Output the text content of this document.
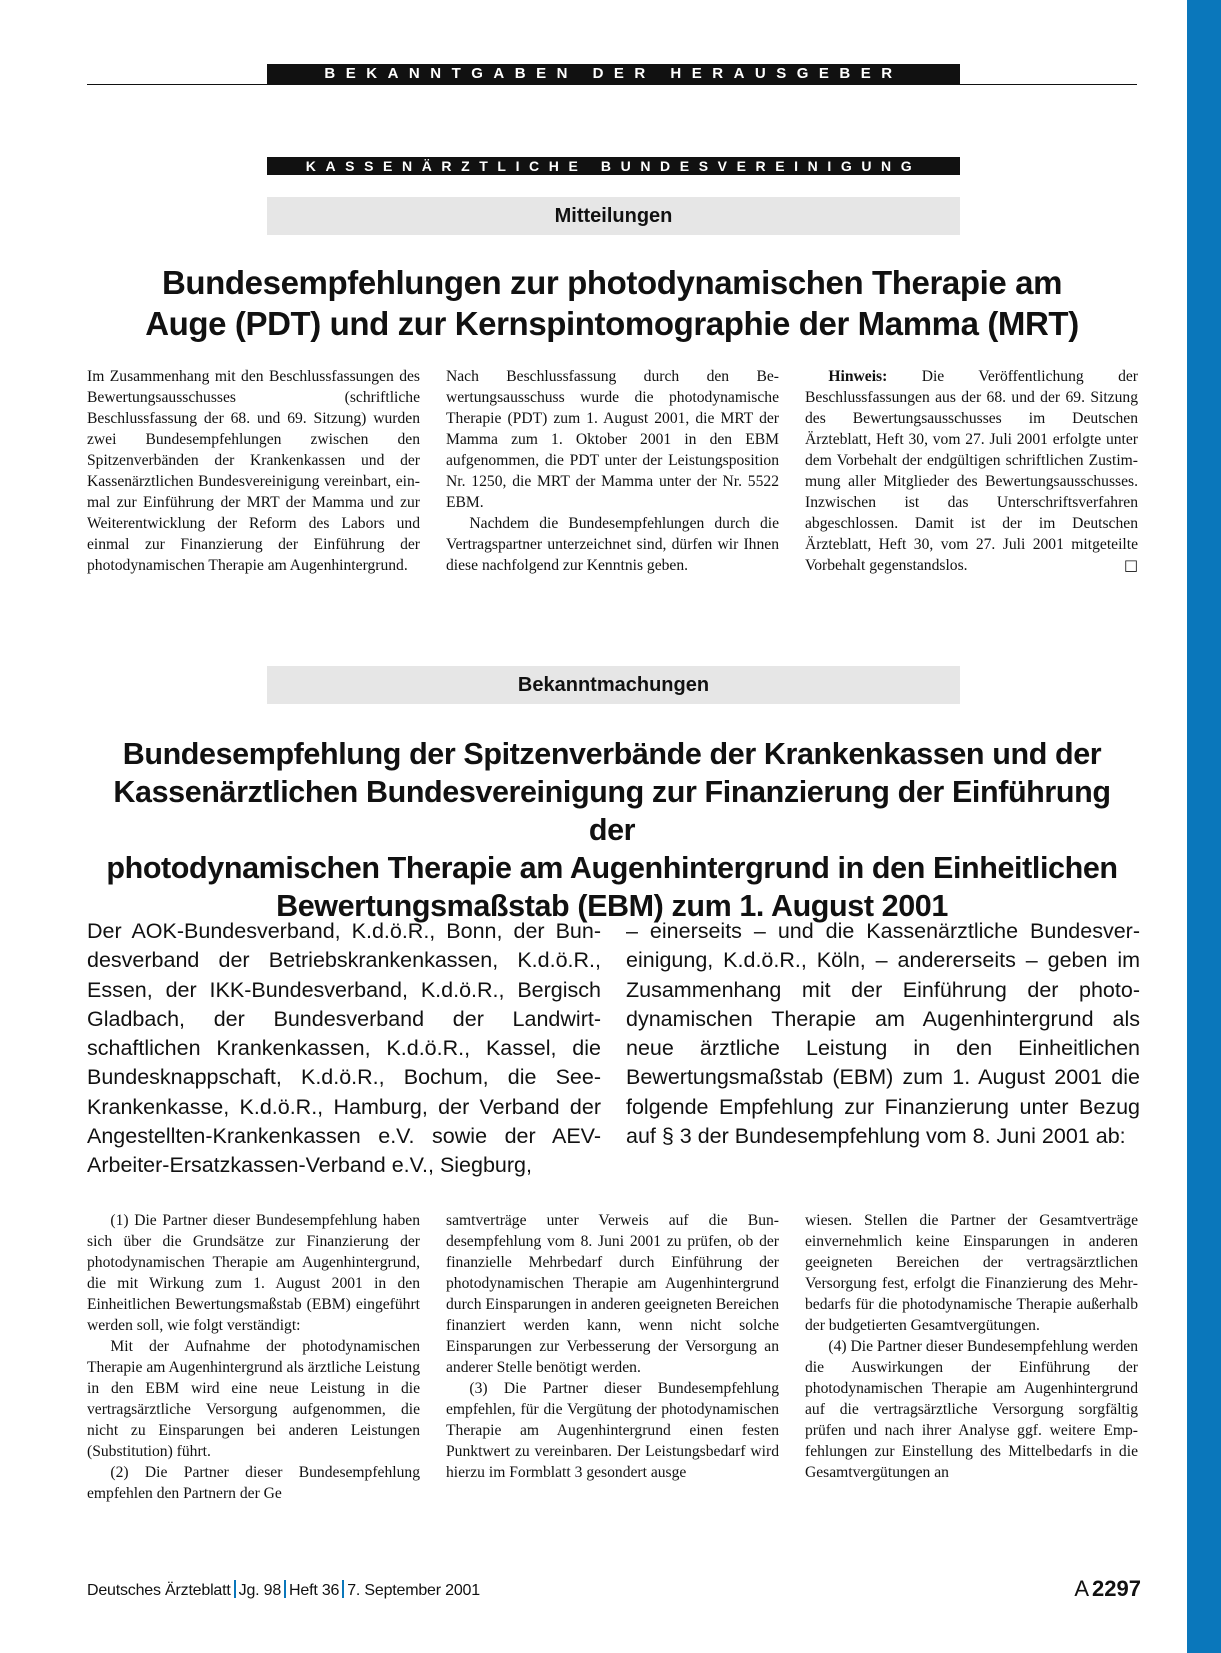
BEKANNTGABEN DER HERAUSGEBER
KASSENÄRZTLICHE BUNDESVEREINIGUNG
Mitteilungen
Bundesempfehlungen zur photodynamischen Therapie am
Auge (PDT) und zur Kernspintomographie der Mamma (MRT)

Im Zusammenhang mit den Beschlussfassungen des Bewertungsausschusses (schriftliche Beschlussfassung der 68. und 69. Sitzung) wurden zwei Bundesempfehlungen zwischen den Spitzenverbänden der Krankenkassen und der Kassenärztlichen Bundesvereinigung vereinbart, einmal zur Einführung der MRT der Mamma und zur Weiterentwicklung der Reform des Labors und einmal zur Finanzierung der Einführung der photodynamischen Therapie am Augenhintergrund.

Nach Beschlussfassung durch den Bewertungsausschuss wurde die photodynamische Therapie (PDT) zum 1. August 2001, die MRT der Mamma zum 1. Oktober 2001 in den EBM aufgenommen, die PDT unter der Leistungsposition Nr. 1250, die MRT der Mamma unter der Nr. 5522 EBM.

Nachdem die Bundesempfehlungen durch die Vertragspartner unterzeichnet sind, dürfen wir Ihnen diese nachfolgend zur Kenntnis geben.

Hinweis: Die Veröffentlichung der Beschlussfassungen aus der 68. und der 69. Sitzung des Bewertungsausschusses im Deutschen Ärzteblatt, Heft 30, vom 27. Juli 2001 erfolgte unter dem Vorbehalt der endgültigen schriftlichen Zustimmung aller Mitglieder des Bewertungsausschusses. Inzwischen ist das Unterschriftsverfahren abgeschlossen. Damit ist der im Deutschen Ärzteblatt, Heft 30, vom 27. Juli 2001 mitgeteilte Vorbehalt gegenstandslos.	□

Bekanntmachungen
Bundesempfehlung der Spitzenverbände der Krankenkassen und der
Kassenärztlichen Bundesvereinigung zur Finanzierung der Einführung der
photodynamischen Therapie am Augenhintergrund in den Einheitlichen
Bewertungsmaßstab (EBM) zum 1. August 2001
Der AOK-Bundesverband, K.d.ö.R., Bonn, der Bundesverband der Betriebskrankenkassen, K.d.ö.R., Essen, der IKK-Bundesverband, K.d.ö.R., Bergisch Gladbach, der Bundesverband der Landwirtschaftlichen Krankenkassen, K.d.ö.R., Kassel, die Bundesknappschaft, K.d.ö.R., Bochum, die See-Krankenkasse, K.d.ö.R., Hamburg, der Verband der Angestellten-Krankenkassen e.V. sowie der AEV-Arbeiter-Ersatzkassen-Verband e.V., Siegburg,
– einerseits – und die Kassenärztliche Bundesvereinigung, K.d.ö.R., Köln, – andererseits – geben im Zusammenhang mit der Einführung der photodynamischen Therapie am Augenhintergrund als neue ärztliche Leistung in den Einheitlichen Bewertungsmaßstab (EBM) zum 1. August 2001 die folgende Empfehlung zur Finanzierung unter Bezug auf § 3 der Bundesempfehlung vom 8. Juni 2001 ab:

(1) Die Partner dieser Bundesempfehlung haben sich über die Grundsätze zur Finanzierung der photodynamischen Therapie am Augenhintergrund, die mit Wirkung zum 1. August 2001 in den Einheitlichen Bewertungsmaßstab (EBM) eingeführt werden soll, wie folgt verständigt:

Mit der Aufnahme der photodynamischen Therapie am Augenhintergrund als ärztliche Leistung in den EBM wird eine neue Leistung in die vertragsärztliche Versorgung aufgenommen, die nicht zu Einsparungen bei anderen Leistungen (Substitution) führt.

(2) Die Partner dieser Bundesempfehlung empfehlen den Partnern der Ge

samtverträge unter Verweis auf die Bundesempfehlung vom 8. Juni 2001 zu prüfen, ob der finanzielle Mehrbedarf durch Einführung der photodynamischen Therapie am Augenhintergrund durch Einsparungen in anderen geeigneten Bereichen finanziert werden kann, wenn nicht solche Einsparungen zur Verbesserung der Versorgung an anderer Stelle benötigt werden.

(3) Die Partner dieser Bundesempfehlung empfehlen, für die Vergütung der photodynamischen Therapie am Augenhintergrund einen festen Punktwert zu vereinbaren. Der Leistungsbedarf wird hierzu im Formblatt 3 gesondert ausge

wiesen. Stellen die Partner der Gesamtverträge einvernehmlich keine Einsparungen in anderen geeigneten Bereichen der vertragsärztlichen Versorgung fest, erfolgt die Finanzierung des Mehrbedarfs für die photodynamische Therapie außerhalb der budgetierten Gesamtvergütungen.

(4) Die Partner dieser Bundesempfehlung werden die Auswirkungen der Einführung der photodynamischen Therapie am Augenhintergrund auf die vertragsärztliche Versorgung sorgfältig prüfen und nach ihrer Analyse ggf. weitere Empfehlungen zur Einstellung des Mittelbedarfs in die Gesamtvergütungen an

Deutsches Ärzteblatt Jg. 98 Heft 36 7. September 2001	A 2297
